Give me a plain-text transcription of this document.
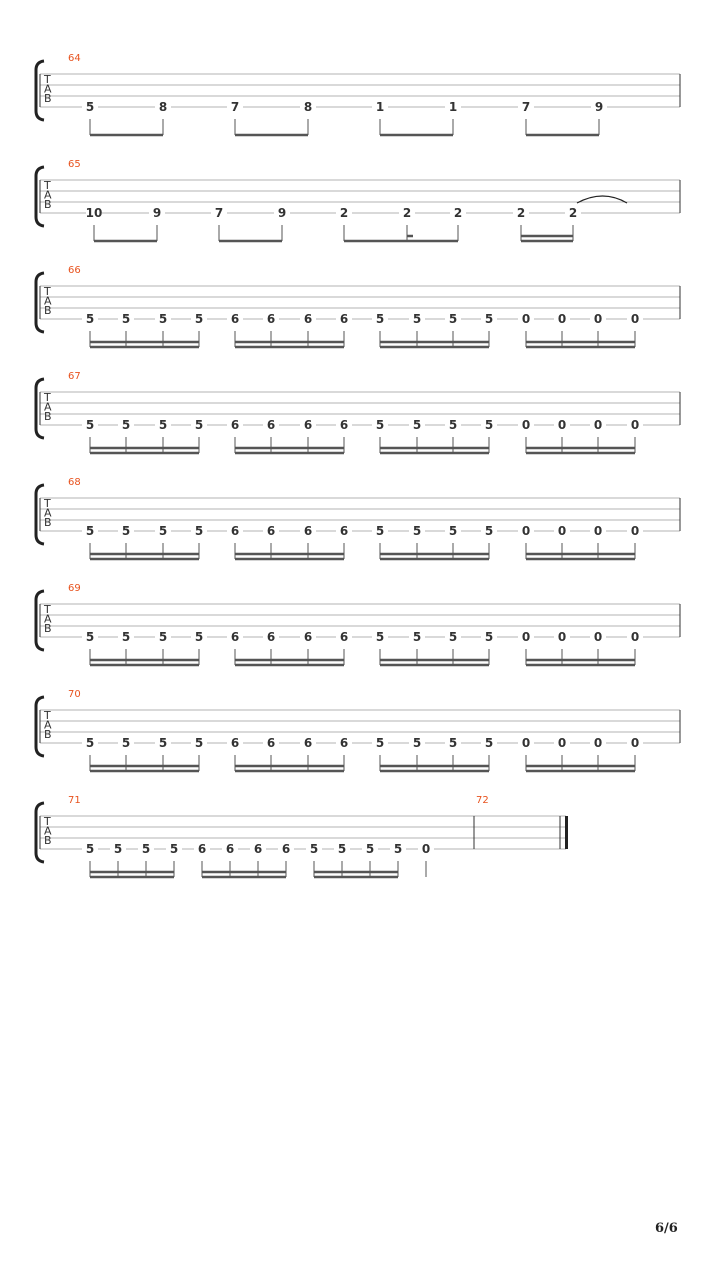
T
A
B
64
5	8	7	8	1	1	7	9
T
A
B
65
10	9	7	9	2	2	2	2	2
T
A
B
66
5 5 5 5 6 6 6 6 5 5 5 5 0 0 0 0
T
A
B
67
5 5 5 5 6 6 6 6 5 5 5 5 0 0 0 0
T
A
B
68
5 5 5 5 6 6 6 6 5 5 5 5 0 0 0 0
T
A
B
69
5 5 5 5 6 6 6 6 5 5 5 5 0 0 0 0
T
A
B
70
5 5 5 5 6 6 6 6 5 5 5 5 0 0 0 0
T
A
B
71	72
5 5 5 5 6 6 6 6 5 5 5 5 0
6/6
